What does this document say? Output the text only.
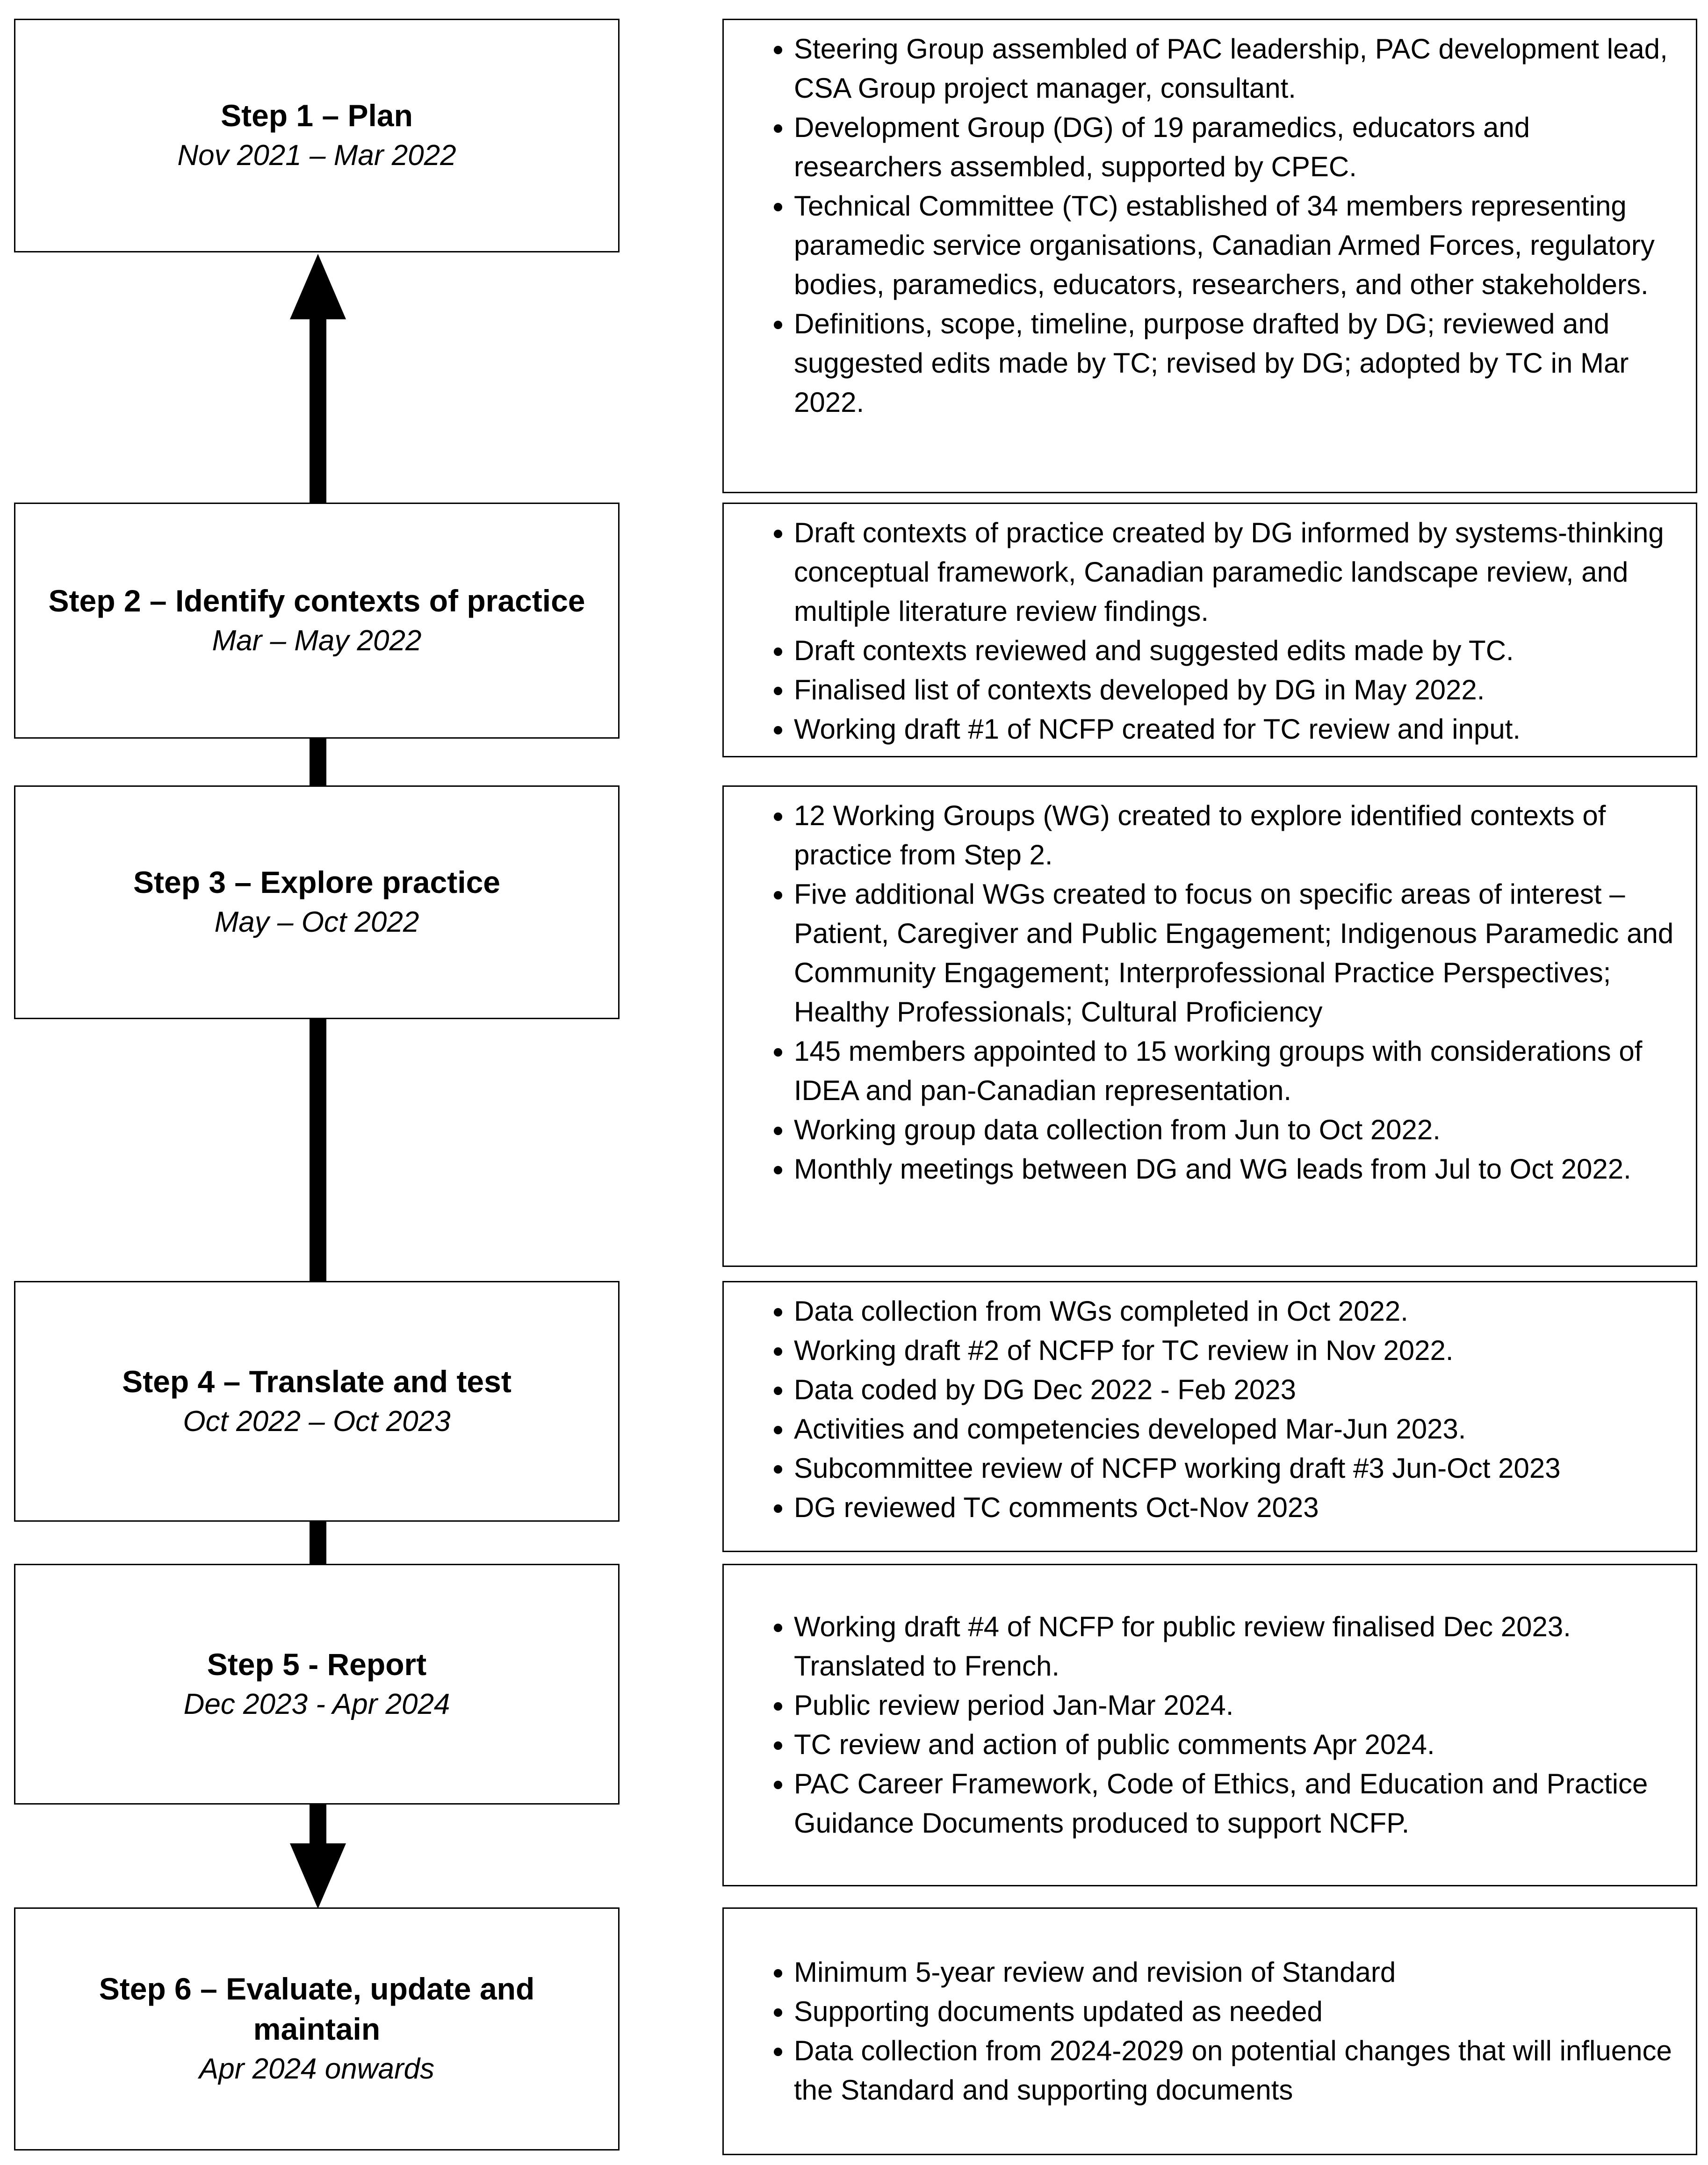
Step 1 – Plan
Nov 2021 – Mar 2022
• Steering Group assembled of PAC leadership, PAC development lead, CSA Group project manager, consultant.
• Development Group (DG) of 19 paramedics, educators and researchers assembled, supported by CPEC.
• Technical Committee (TC) established of 34 members representing paramedic service organisations, Canadian Armed Forces, regulatory bodies, paramedics, educators, researchers, and other stakeholders.
• Definitions, scope, timeline, purpose drafted by DG; reviewed and suggested edits made by TC; revised by DG; adopted by TC in Mar 2022.
Step 2 – Identify contexts of practice
Mar – May 2022
• Draft contexts of practice created by DG informed by systems-thinking conceptual framework, Canadian paramedic landscape review, and multiple literature review findings.
• Draft contexts reviewed and suggested edits made by TC.
• Finalised list of contexts developed by DG in May 2022.
• Working draft #1 of NCFP created for TC review and input.
Step 3 – Explore practice
May – Oct 2022
• 12 Working Groups (WG) created to explore identified contexts of practice from Step 2.
• Five additional WGs created to focus on specific areas of interest – Patient, Caregiver and Public Engagement; Indigenous Paramedic and Community Engagement; Interprofessional Practice Perspectives; Healthy Professionals; Cultural Proficiency
• 145 members appointed to 15 working groups with considerations of IDEA and pan-Canadian representation.
• Working group data collection from Jun to Oct 2022.
• Monthly meetings between DG and WG leads from Jul to Oct 2022.
Step 4 – Translate and test
Oct 2022 – Oct 2023
• Data collection from WGs completed in Oct 2022.
• Working draft #2 of NCFP for TC review in Nov 2022.
• Data coded by DG Dec 2022 - Feb 2023
• Activities and competencies developed Mar-Jun 2023.
• Subcommittee review of NCFP working draft #3 Jun-Oct 2023
• DG reviewed TC comments Oct-Nov 2023
Step 5 - Report
Dec 2023 - Apr 2024
• Working draft #4 of NCFP for public review finalised Dec 2023. Translated to French.
• Public review period Jan-Mar 2024.
• TC review and action of public comments Apr 2024.
• PAC Career Framework, Code of Ethics, and Education and Practice Guidance Documents produced to support NCFP.
Step 6 – Evaluate, update and maintain
Apr 2024 onwards
• Minimum 5-year review and revision of Standard
• Supporting documents updated as needed
• Data collection from 2024-2029 on potential changes that will influence the Standard and supporting documents
